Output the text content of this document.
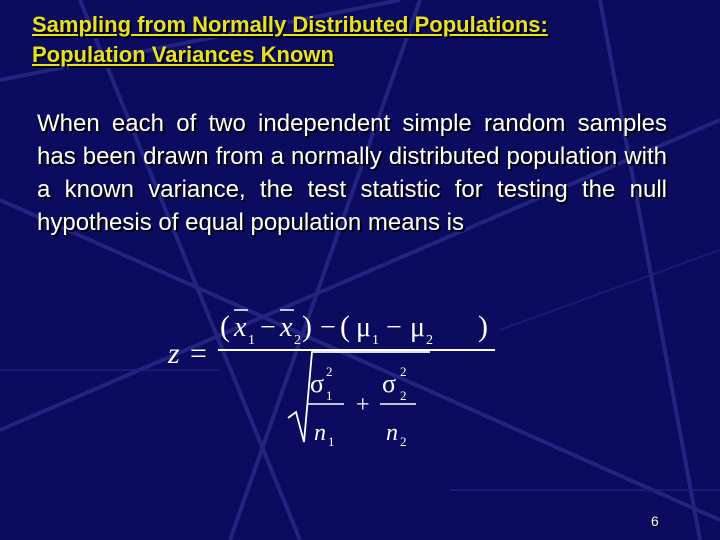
Sampling from Normally Distributed Populations:
Population Variances Known
When each of two independent simple random samples has been drawn from a normally distributed population with a known variance, the test statistic for testing the null hypothesis of equal population means is
z =
( x 1 − x 2 ) − ( μ 1 − μ 2 )
σ 2
1
n 1
+
σ 2
2
n 2
6
